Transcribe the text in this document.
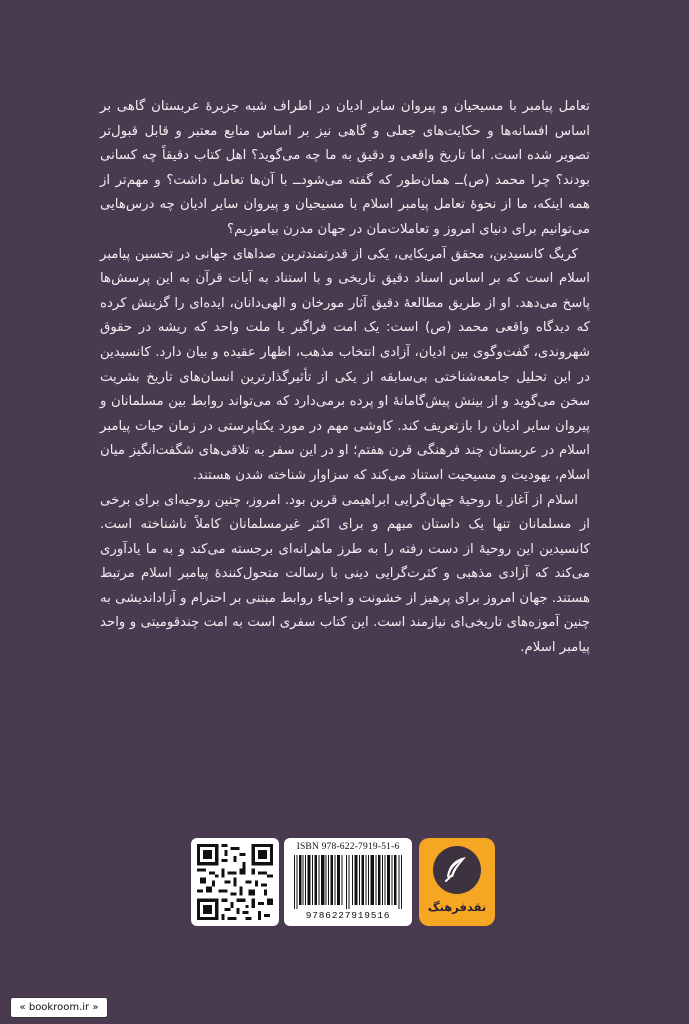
تعامل پیامبر با مسیحیان و پیروان سایر ادیان در اطراف شبه جزیرهٔ عربستان گاهی بر اساس افسانه‌ها و حکایت‌های جعلی و گاهی نیز بر اساس منابع معتبر و قابل قبول‌تر تصویر شده است. اما تاریخ واقعی و دقیق به ما چه می‌گوید؟ اهل کتاب دقیقاً چه کسانی بودند؟ چرا محمد (ص)ــ همان‌طور که گفته می‌شودــ با آن‌ها تعامل داشت؟ و مهم‌تر از همه اینکه، ما از نحوهٔ تعامل پیامبر اسلام با مسیحیان و پیروان سایر ادیان چه درس‌هایی می‌توانیم برای دنیای امروز و تعاملات‌مان در جهان مدرن بیاموزیم؟

کریگ کانسیدین، محقق آمریکایی، یکی از قدرتمندترین صداهای جهانی در تحسین پیامبر اسلام است که بر اساس اسناد دقیق تاریخی و با استناد به آیات قرآن به این پرسش‌ها پاسخ می‌دهد. او از طریق مطالعهٔ دقیق آثار مورخان و الهی‌دانان، ایده‌ای را گزینش کرده که دیدگاه واقعی محمد (ص) است: یک امت فراگیر یا ملت واحد که ریشه در حقوق شهروندی، گفت‌وگوی بین ادیان، آزادی انتخاب مذهب، اظهار عقیده و بیان دارد. کانسیدین در این تحلیل جامعه‌شناختی بی‌سابقه از یکی از تأثیرگذارترین انسان‌های تاریخ بشریت سخن می‌گوید و از بینش پیش‌گامانهٔ او پرده برمی‌دارد که می‌تواند روابط بین مسلمانان و پیروان سایر ادیان را بازتعریف کند. کاوشی مهم در مورد یکتاپرستی در زمان حیات پیامبر اسلام در عربستان چند فرهنگی قرن هفتم؛ او در این سفر به تلاقی‌های شگفت‌انگیز میان اسلام، یهودیت و مسیحیت استناد می‌کند که سزاوار شناخته شدن هستند.

اسلام از آغاز با روحیهٔ جهان‌گرایی ابراهیمی قرین بود. امروز، چنین روحیه‌ای برای برخی از مسلمانان تنها یک داستان مبهم و برای اکثر غیرمسلمانان کاملاً ناشناخته است. کانسیدین این روحیهٔ از دست رفته را به طرز ماهرانه‌ای برجسته می‌کند و به ما یادآوری می‌کند که آزادی مذهبی و کثرت‌گرایی دینی با رسالت متحول‌کنندهٔ پیامبر اسلام مرتبط هستند. جهان امروز برای پرهیز از خشونت و احیاء روابط مبتنی بر احترام و آزاداندیشی به چنین آموزه‌های تاریخی‌ای نیازمند است. این کتاب سفری است به امت چندقومیتی و واحد پیامبر اسلام.

ISBN 978-622-7919-51-6
9786227919516
نقدفرهنگ
« bookroom.ir »
